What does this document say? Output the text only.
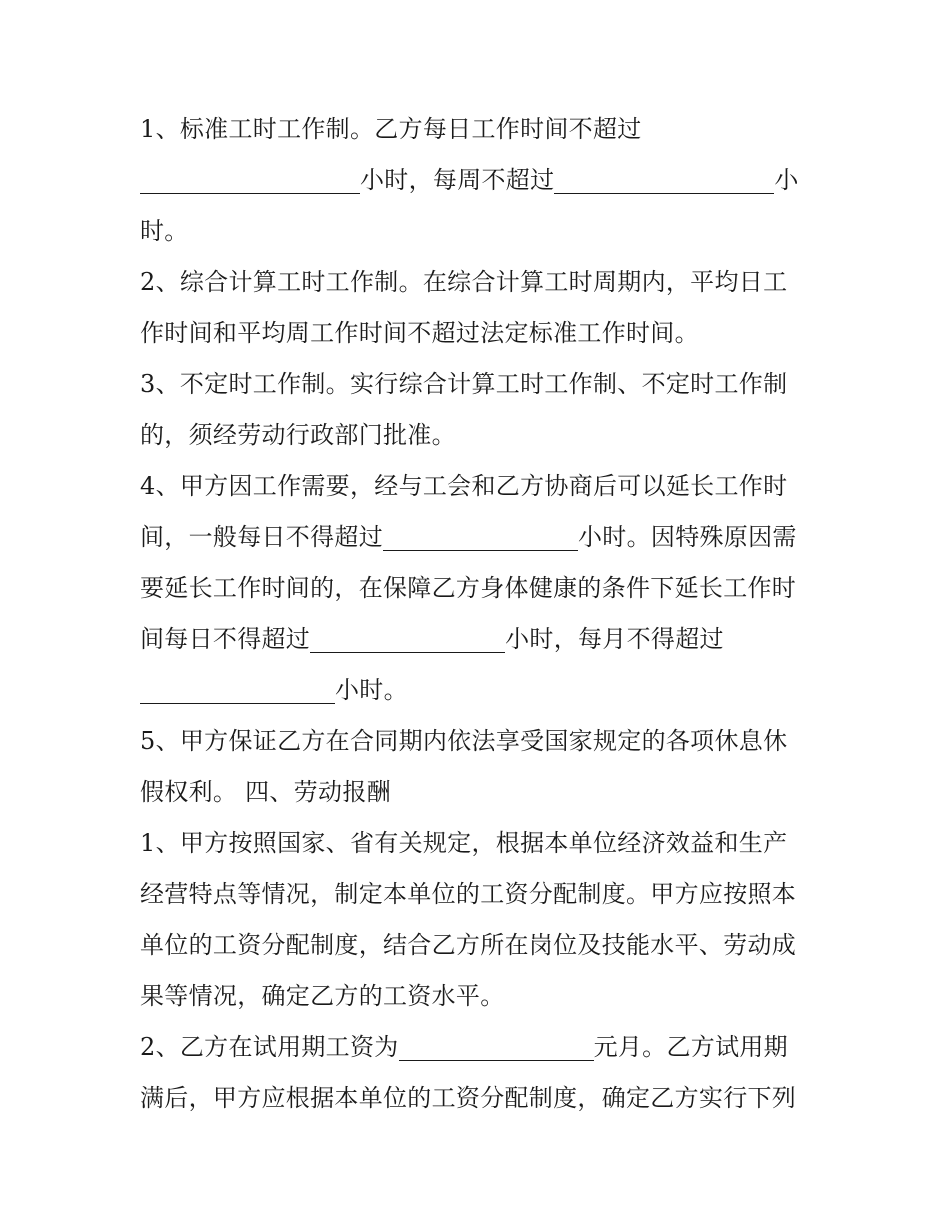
1、标准工时工作制。乙方每日工作时间不超过
小时，每周不超过	小
时。
2、综合计算工时工作制。在综合计算工时周期内，平均日工
作时间和平均周工作时间不超过法定标准工作时间。
3、不定时工作制。实行综合计算工时工作制、不定时工作制
的，须经劳动行政部门批准。
4、甲方因工作需要，经与工会和乙方协商后可以延长工作时
间，一般每日不得超过	小时。因特殊原因需
要延长工作时间的，在保障乙方身体健康的条件下延长工作时
间每日不得超过	小时，每月不得超过
小时。
5、甲方保证乙方在合同期内依法享受国家规定的各项休息休
假权利。 四、劳动报酬
1、甲方按照国家、省有关规定，根据本单位经济效益和生产
经营特点等情况，制定本单位的工资分配制度。甲方应按照本
单位的工资分配制度，结合乙方所在岗位及技能水平、劳动成
果等情况，确定乙方的工资水平。
2、乙方在试用期工资为	元月。乙方试用期
满后，甲方应根据本单位的工资分配制度，确定乙方实行下列
